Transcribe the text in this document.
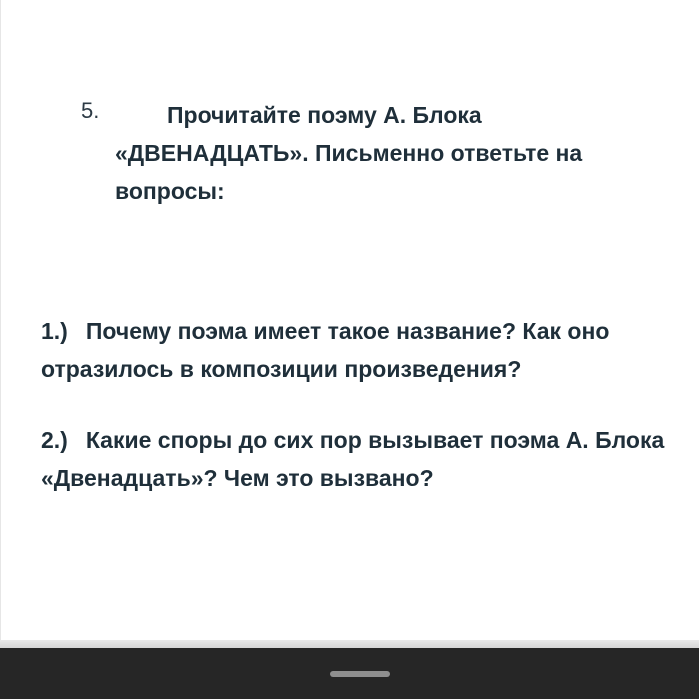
5.	Прочитайте поэму А. Блока «ДВЕНАДЦАТЬ». Письменно ответьте на вопросы:
1.) Почему поэма имеет такое название? Как оно отразилось в композиции произведения?
2.) Какие споры до сих пор вызывает поэма А. Блока «Двенадцать»? Чем это вызвано?
